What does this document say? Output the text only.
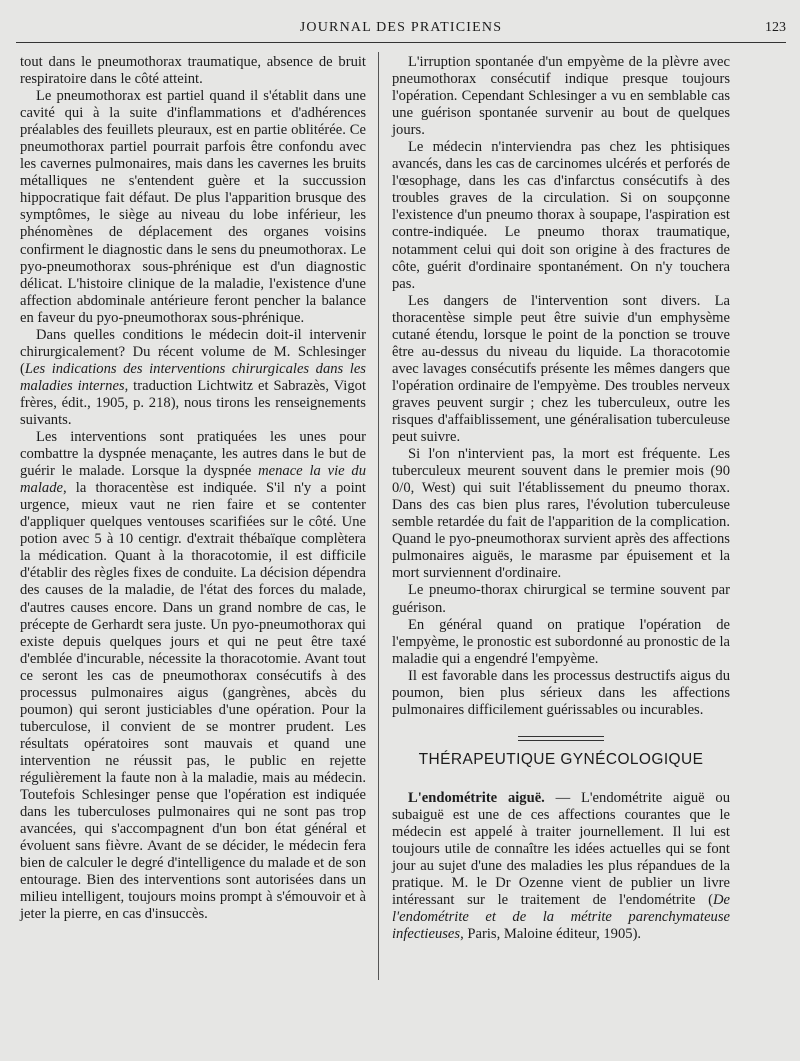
JOURNAL DES PRATICIENS	123

tout dans le pneumothorax traumatique, absence de bruit respiratoire dans le côté atteint.

Le pneumothorax est partiel quand il s'établit dans une cavité qui à la suite d'inflammations et d'adhérences préalables des feuillets pleuraux, est en partie oblitérée. Ce pneumothorax partiel pourrait parfois être confondu avec les cavernes pulmonaires, mais dans les cavernes les bruits métalliques ne s'entendent guère et la succussion hippocratique fait défaut. De plus l'apparition brusque des symptômes, le siège au niveau du lobe inférieur, les phénomènes de déplacement des organes voisins confirment le diagnostic dans le sens du pneumothorax. Le pyo-pneumothorax sous-phrénique est d'un diagnostic délicat. L'histoire clinique de la maladie, l'existence d'une affection abdominale antérieure feront pencher la balance en faveur du pyo-pneumothorax sous-phrénique.

Dans quelles conditions le médecin doit-il intervenir chirurgicalement? Du récent volume de M. Schlesinger (Les indications des interventions chirurgicales dans les maladies internes, traduction Lichtwitz et Sabrazès, Vigot frères, édit., 1905, p. 218), nous tirons les renseignements suivants.

Les interventions sont pratiquées les unes pour combattre la dyspnée menaçante, les autres dans le but de guérir le malade. Lorsque la dyspnée menace la vie du malade, la thoracentèse est indiquée. S'il n'y a point urgence, mieux vaut ne rien faire et se contenter d'appliquer quelques ventouses scarifiées sur le côté. Une potion avec 5 à 10 centigr. d'extrait thébaïque complètera la médication. Quant à la thoracotomie, il est difficile d'établir des règles fixes de conduite. La décision dépendra des causes de la maladie, de l'état des forces du malade, d'autres causes encore. Dans un grand nombre de cas, le précepte de Gerhardt sera juste. Un pyo-pneumothorax qui existe depuis quelques jours et qui ne peut être taxé d'emblée d'incurable, nécessite la thoracotomie. Avant tout ce seront les cas de pneumothorax consécutifs à des processus pulmonaires aigus (gangrènes, abcès du poumon) qui seront justiciables d'une opération. Pour la tuberculose, il convient de se montrer prudent. Les résultats opératoires sont mauvais et quand une intervention ne réussit pas, le public en rejette régulièrement la faute non à la maladie, mais au médecin. Toutefois Schlesinger pense que l'opération est indiquée dans les tuberculoses pulmonaires qui ne sont pas trop avancées, qui s'accompagnent d'un bon état général et évoluent sans fièvre. Avant de se décider, le médecin fera bien de calculer le degré d'intelligence du malade et de son entourage. Bien des interventions sont autorisées dans un milieu intelligent, toujours moins prompt à s'émouvoir et à jeter la pierre, en cas d'insuccès.

L'irruption spontanée d'un empyème de la plèvre avec pneumothorax consécutif indique presque toujours l'opération. Cependant Schlesinger a vu en semblable cas une guérison spontanée survenir au bout de quelques jours.

Le médecin n'interviendra pas chez les phtisiques avancés, dans les cas de carcinomes ulcérés et perforés de l'œsophage, dans les cas d'infarctus consécutifs à des troubles graves de la circulation. Si on soupçonne l'existence d'un pneumo thorax à soupape, l'aspiration est contre-indiquée. Le pneumo thorax traumatique, notamment celui qui doit son origine à des fractures de côte, guérit d'ordinaire spontanément. On n'y touchera pas.

Les dangers de l'intervention sont divers. La thoracentèse simple peut être suivie d'un emphysème cutané étendu, lorsque le point de la ponction se trouve être au-dessus du niveau du liquide. La thoracotomie avec lavages consécutifs présente les mêmes dangers que l'opération ordinaire de l'empyème. Des troubles nerveux graves peuvent surgir ; chez les tuberculeux, outre les risques d'affaiblissement, une généralisation tuberculeuse peut suivre.

Si l'on n'intervient pas, la mort est fréquente. Les tuberculeux meurent souvent dans le premier mois (90 0/0, West) qui suit l'établissement du pneumo thorax. Dans des cas bien plus rares, l'évolution tuberculeuse semble retardée du fait de l'apparition de la complication. Quand le pyo-pneumothorax survient après des affections pulmonaires aiguës, le marasme par épuisement et la mort surviennent d'ordinaire.

Le pneumo-thorax chirurgical se termine souvent par guérison.

En général quand on pratique l'opération de l'empyème, le pronostic est subordonné au pronostic de la maladie qui a engendré l'empyème.

Il est favorable dans les processus destructifs aigus du poumon, bien plus sérieux dans les affections pulmonaires difficilement guérissables ou incurables.

THÉRAPEUTIQUE GYNÉCOLOGIQUE

L'endométrite aiguë. — L'endométrite aiguë ou subaiguë est une de ces affections courantes que le médecin est appelé à traiter journellement. Il lui est toujours utile de connaître les idées actuelles qui se font jour au sujet d'une des maladies les plus répandues de la pratique. M. le Dr Ozenne vient de publier un livre intéressant sur le traitement de l'endométrite (De l'endométrite et de la métrite parenchymateuse infectieuses, Paris, Maloine éditeur, 1905).
